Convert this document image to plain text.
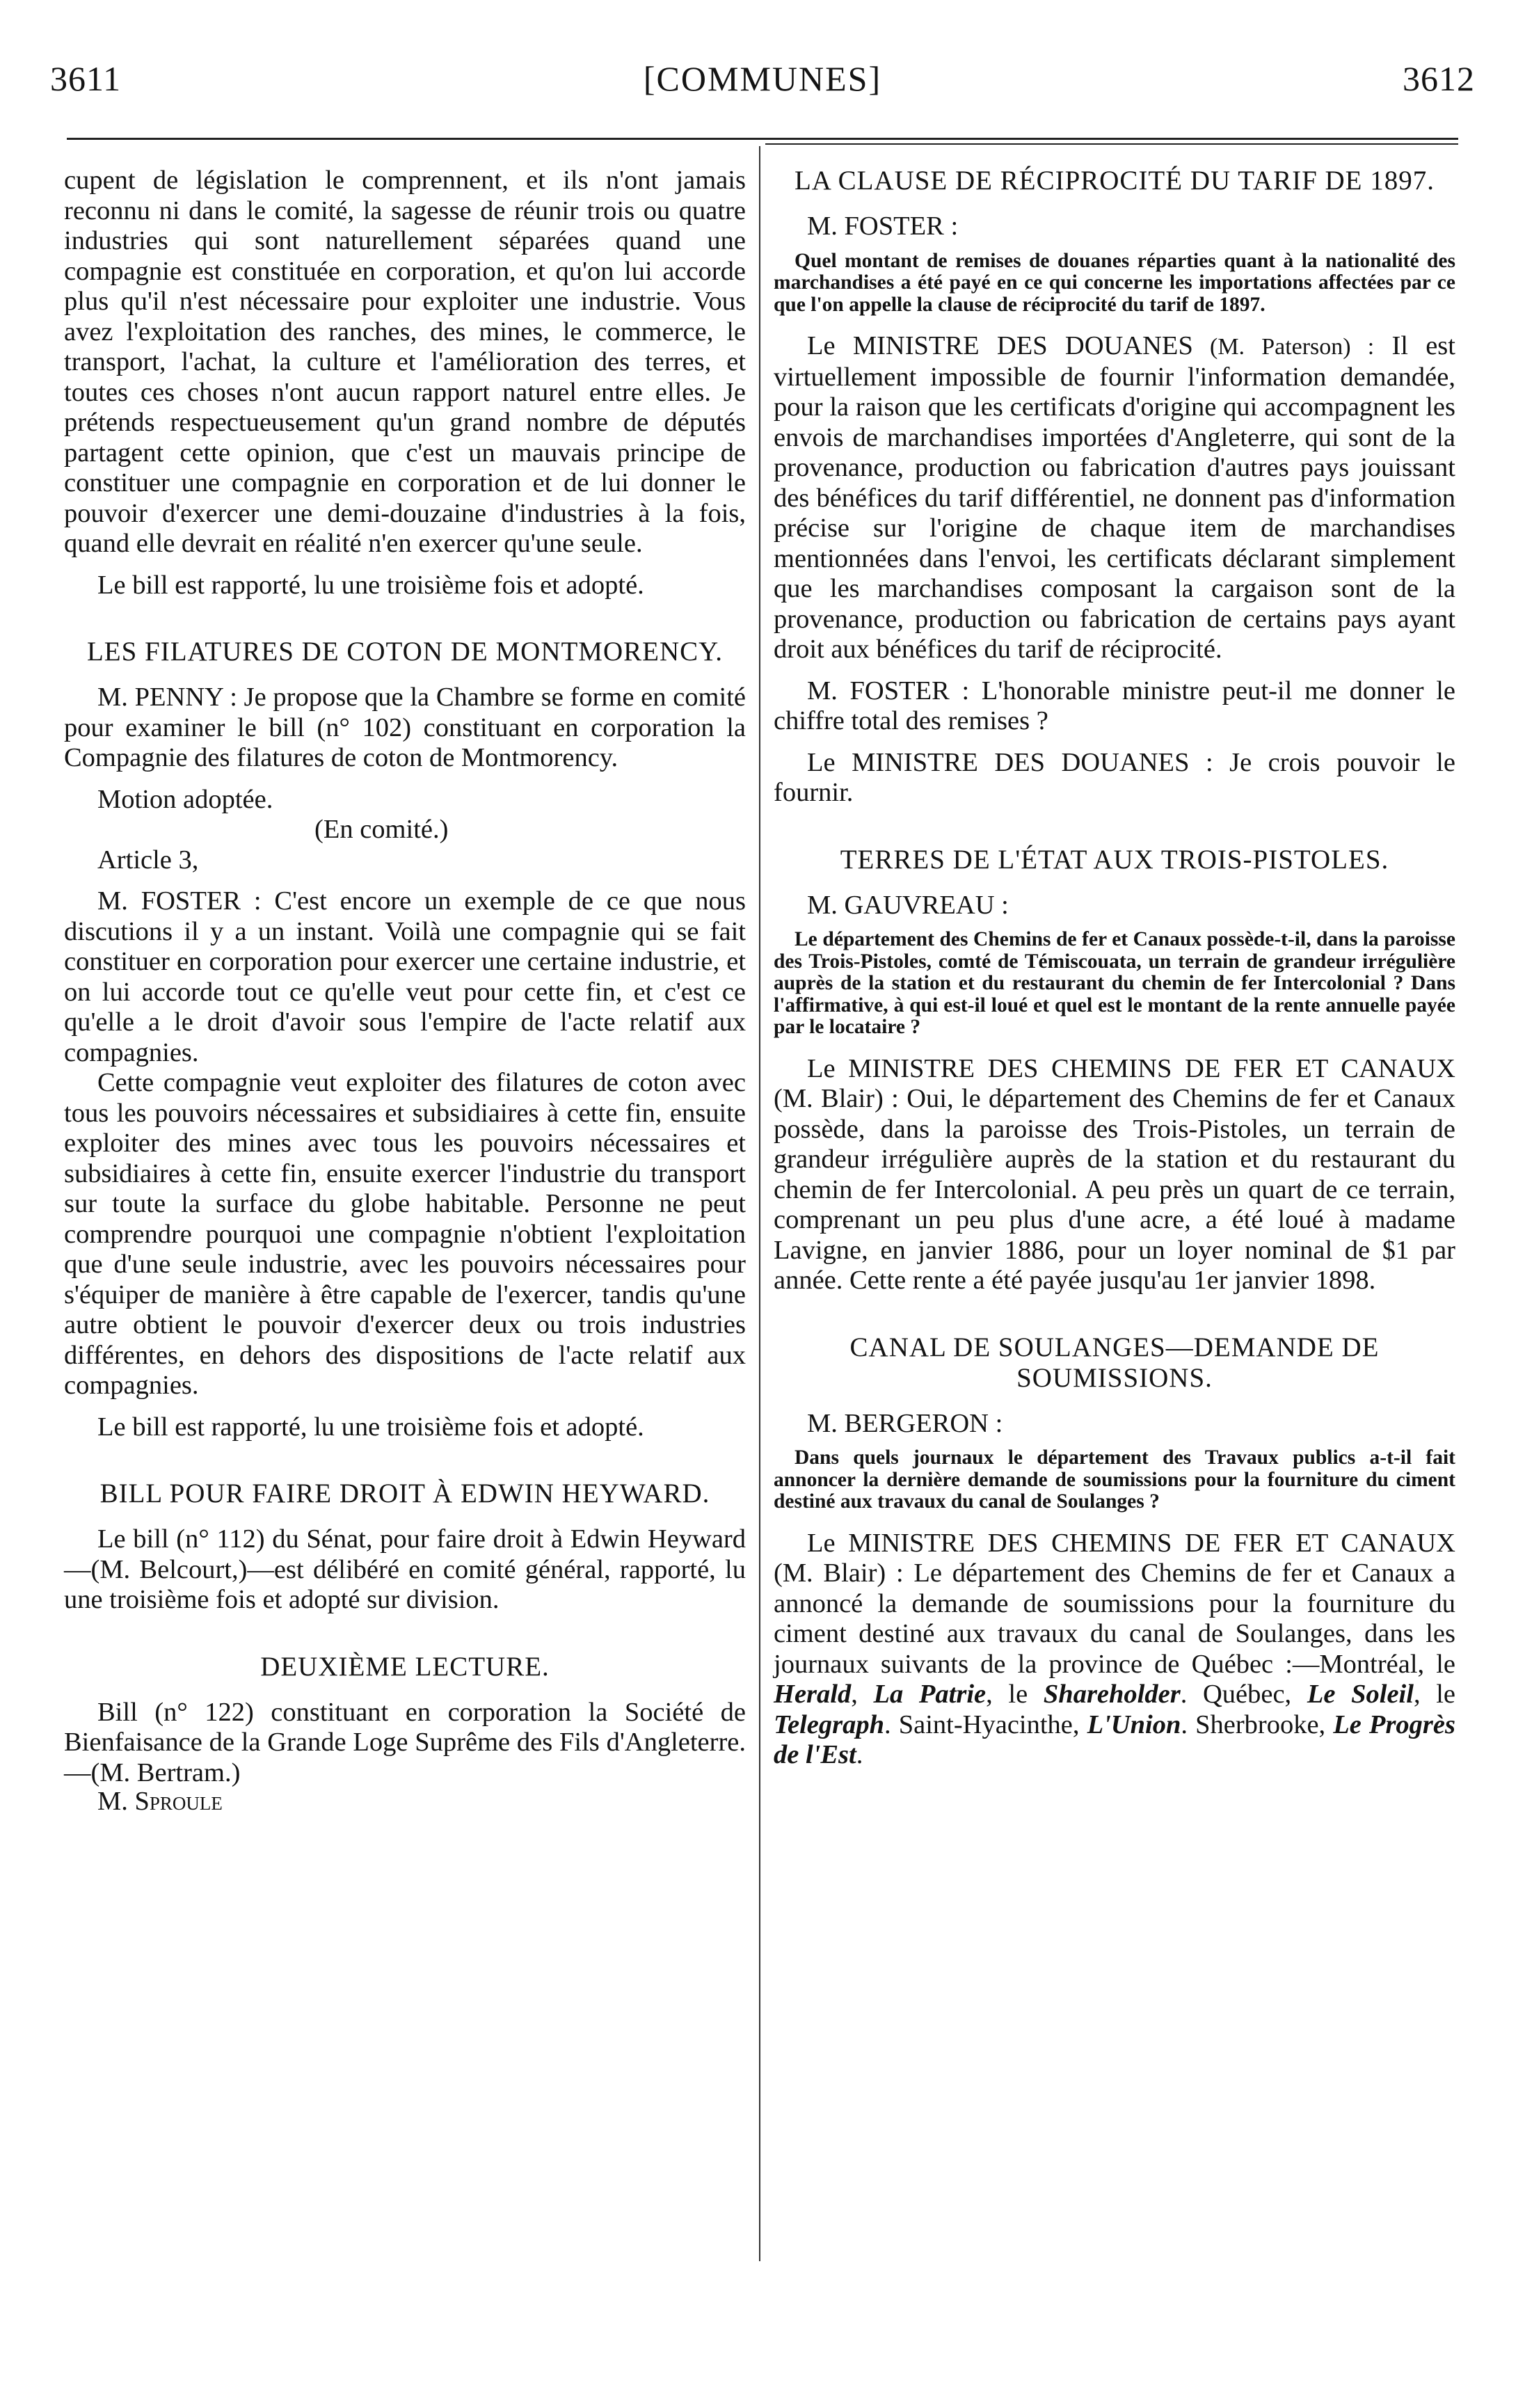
3611	[COMMUNES]	3612

cupent de législation le comprennent, et ils n'ont jamais reconnu ni dans le comité, la sagesse de réunir trois ou quatre industries qui sont naturellement séparées quand une compagnie est constituée en corporation, et qu'on lui accorde plus qu'il n'est nécessaire pour exploiter une industrie. Vous avez l'exploitation des ranches, des mines, le commerce, le transport, l'achat, la culture et l'amélioration des terres, et toutes ces choses n'ont aucun rapport naturel entre elles. Je prétends respectueusement qu'un grand nombre de députés partagent cette opinion, que c'est un mauvais principe de constituer une compagnie en corporation et de lui donner le pouvoir d'exercer une demi-douzaine d'industries à la fois, quand elle devrait en réalité n'en exercer qu'une seule.

Le bill est rapporté, lu une troisième fois et adopté.

LES FILATURES DE COTON DE MONTMORENCY.

M. PENNY : Je propose que la Chambre se forme en comité pour examiner le bill (n° 102) constituant en corporation la Compagnie des filatures de coton de Montmorency.

Motion adoptée.

(En comité.)

Article 3,

M. FOSTER : C'est encore un exemple de ce que nous discutions il y a un instant. Voilà une compagnie qui se fait constituer en corporation pour exercer une certaine industrie, et on lui accorde tout ce qu'elle veut pour cette fin, et c'est ce qu'elle a le droit d'avoir sous l'empire de l'acte relatif aux compagnies.

Cette compagnie veut exploiter des filatures de coton avec tous les pouvoirs nécessaires et subsidiaires à cette fin, ensuite exploiter des mines avec tous les pouvoirs nécessaires et subsidiaires à cette fin, ensuite exercer l'industrie du transport sur toute la surface du globe habitable. Personne ne peut comprendre pourquoi une compagnie n'obtient l'exploitation que d'une seule industrie, avec les pouvoirs nécessaires pour s'équiper de manière à être capable de l'exercer, tandis qu'une autre obtient le pouvoir d'exercer deux ou trois industries différentes, en dehors des dispositions de l'acte relatif aux compagnies.

Le bill est rapporté, lu une troisième fois et adopté.

BILL POUR FAIRE DROIT À EDWIN HEYWARD.

Le bill (n° 112) du Sénat, pour faire droit à Edwin Heyward—(M. Belcourt,)—est délibéré en comité général, rapporté, lu une troisième fois et adopté sur division.

DEUXIÈME LECTURE.

Bill (n° 122) constituant en corporation la Société de Bienfaisance de la Grande Loge Suprême des Fils d'Angleterre.—(M. Bertram.)

M. Sproule

LA CLAUSE DE RÉCIPROCITÉ DU TARIF DE 1897.

M. FOSTER :

Quel montant de remises de douanes réparties quant à la nationalité des marchandises a été payé en ce qui concerne les importations affectées par ce que l'on appelle la clause de réciprocité du tarif de 1897.

Le MINISTRE DES DOUANES (M. Paterson) : Il est virtuellement impossible de fournir l'information demandée, pour la raison que les certificats d'origine qui accompagnent les envois de marchandises importées d'Angleterre, qui sont de la provenance, production ou fabrication d'autres pays jouissant des bénéfices du tarif différentiel, ne donnent pas d'information précise sur l'origine de chaque item de marchandises mentionnées dans l'envoi, les certificats déclarant simplement que les marchandises composant la cargaison sont de la provenance, production ou fabrication de certains pays ayant droit aux bénéfices du tarif de réciprocité.

M. FOSTER : L'honorable ministre peut-il me donner le chiffre total des remises ?

Le MINISTRE DES DOUANES : Je crois pouvoir le fournir.

TERRES DE L'ÉTAT AUX TROIS-PISTOLES.

M. GAUVREAU :

Le département des Chemins de fer et Canaux possède-t-il, dans la paroisse des Trois-Pistoles, comté de Témiscouata, un terrain de grandeur irrégulière auprès de la station et du restaurant du chemin de fer Intercolonial ? Dans l'affirmative, à qui est-il loué et quel est le montant de la rente annuelle payée par le locataire ?

Le MINISTRE DES CHEMINS DE FER ET CANAUX (M. Blair) : Oui, le département des Chemins de fer et Canaux possède, dans la paroisse des Trois-Pistoles, un terrain de grandeur irrégulière auprès de la station et du restaurant du chemin de fer Intercolonial. A peu près un quart de ce terrain, comprenant un peu plus d'une acre, a été loué à madame Lavigne, en janvier 1886, pour un loyer nominal de $1 par année. Cette rente a été payée jusqu'au 1er janvier 1898.

CANAL DE SOULANGES—DEMANDE DE SOUMISSIONS.

M. BERGERON :

Dans quels journaux le département des Travaux publics a-t-il fait annoncer la dernière demande de soumissions pour la fourniture du ciment destiné aux travaux du canal de Soulanges ?

Le MINISTRE DES CHEMINS DE FER ET CANAUX (M. Blair) : Le département des Chemins de fer et Canaux a annoncé la demande de soumissions pour la fourniture du ciment destiné aux travaux du canal de Soulanges, dans les journaux suivants de la province de Québec :—Montréal, le Herald, La Patrie, le Shareholder. Québec, Le Soleil, le Telegraph. Saint-Hyacinthe, L'Union. Sherbrooke, Le Progrès de l'Est.
